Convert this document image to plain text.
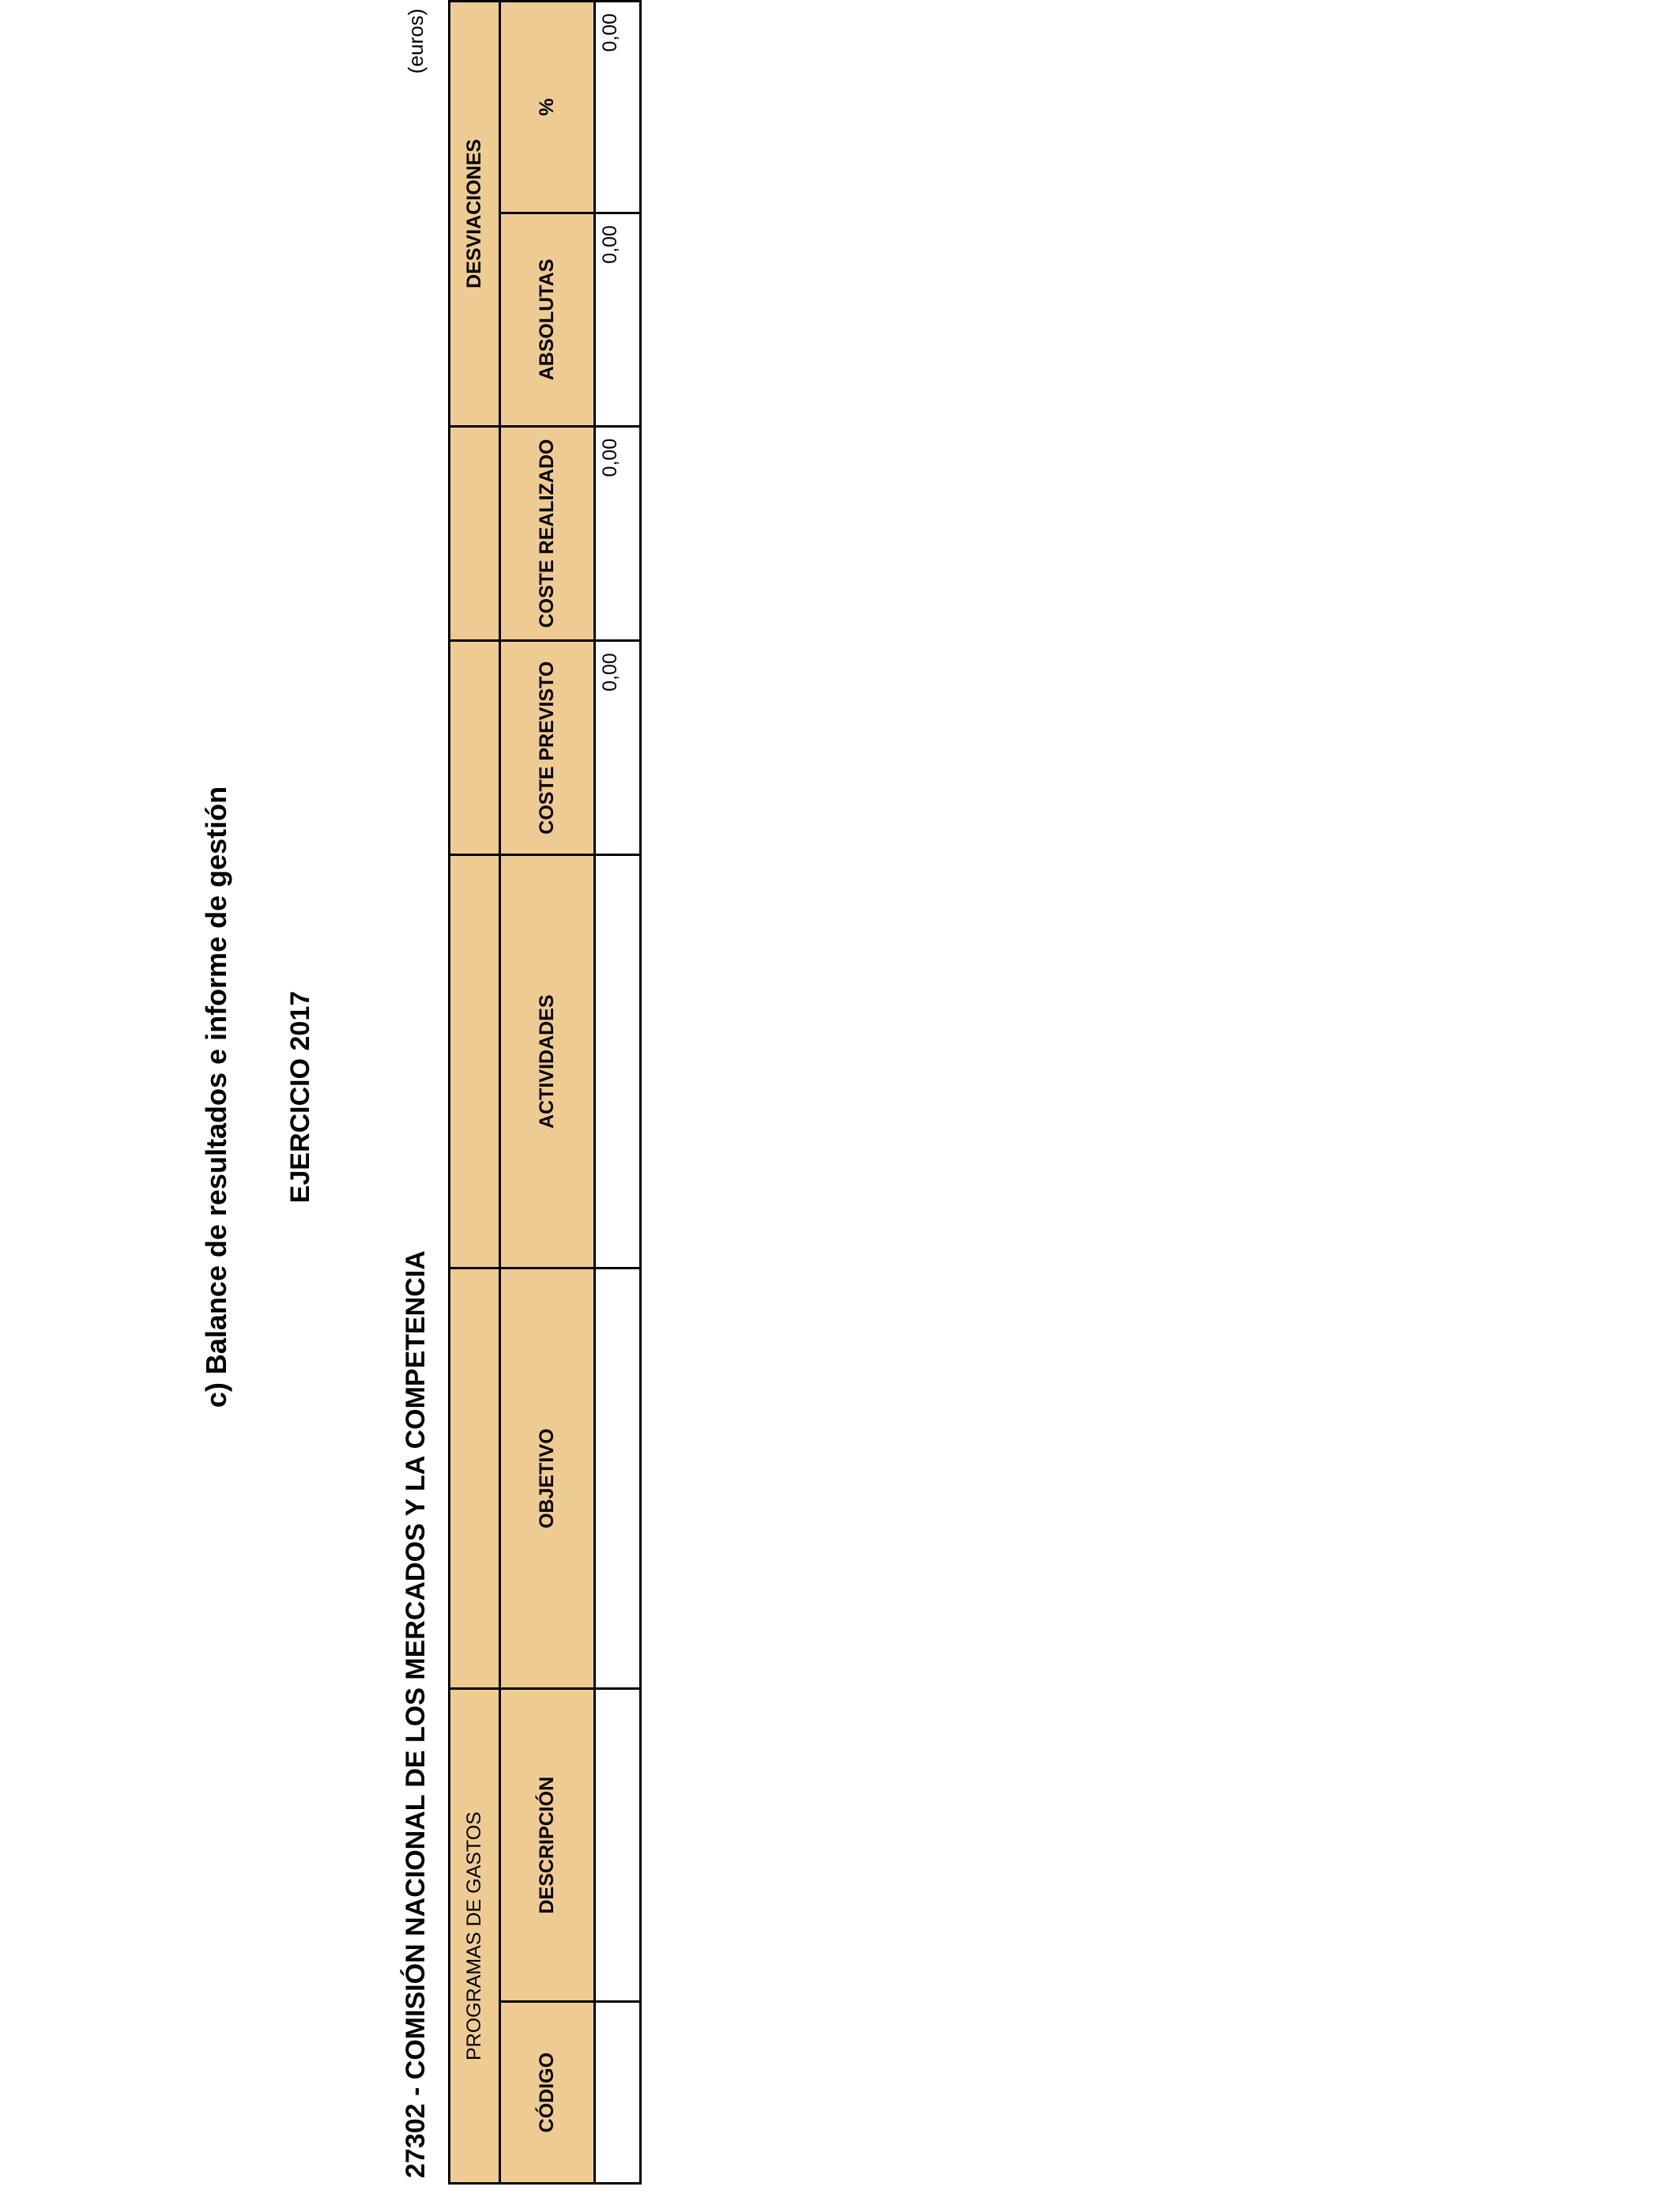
c) Balance de resultados e informe de gestión EJERCICIO 2017
27302 - COMISIÓN NACIONAL DE LOS MERCADOS Y LA COMPETENCIA
(euros)
PROGRAMAS DE GASTOS						DESVIACIONES	
CÓDIGO	DESCRIPCIÓN	OBJETIVO	ACTIVIDADES	COSTE PREVISTO	COSTE REALIZADO	ABSOLUTAS	%
				0,00	0,00	0,00	0,00
